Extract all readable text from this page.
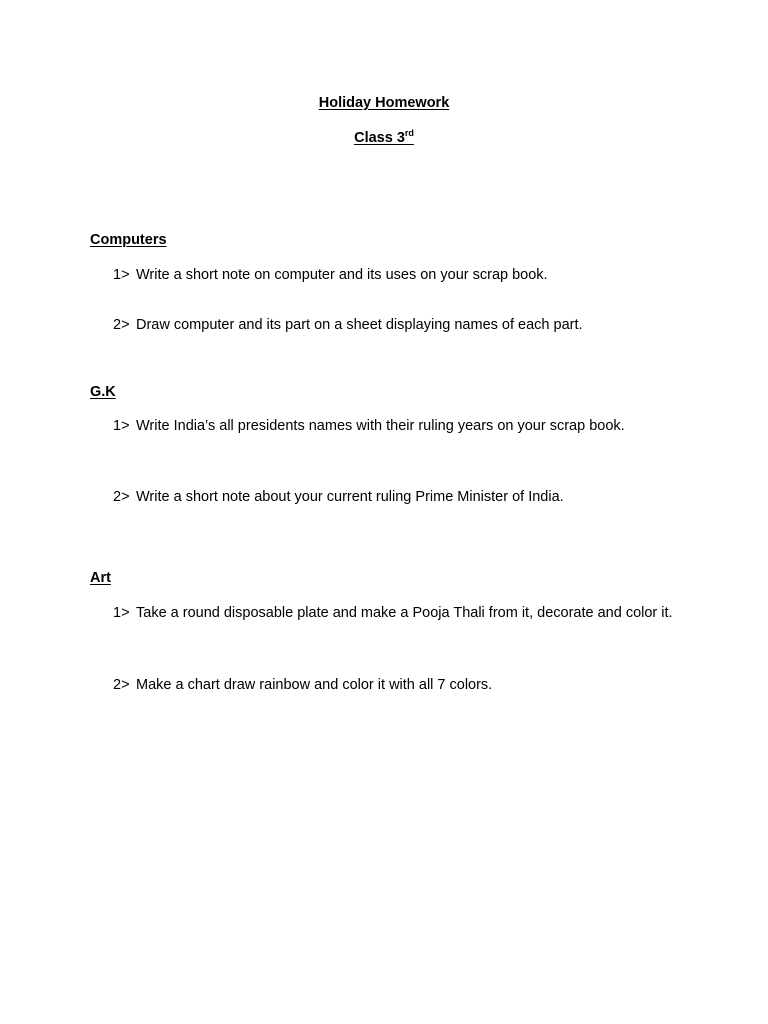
Holiday Homework
Class 3rd
Computers
1> Write a short note on computer and its uses on your scrap book.
2> Draw computer and its part on a sheet displaying names of each part.
G.K
1> Write India’s all presidents names with their ruling years on your scrap book.
2> Write a short note about your current ruling Prime Minister of India.
Art
1> Take a round disposable plate and make a Pooja Thali from it, decorate and color it.
2> Make a chart draw rainbow and color it with all 7 colors.
